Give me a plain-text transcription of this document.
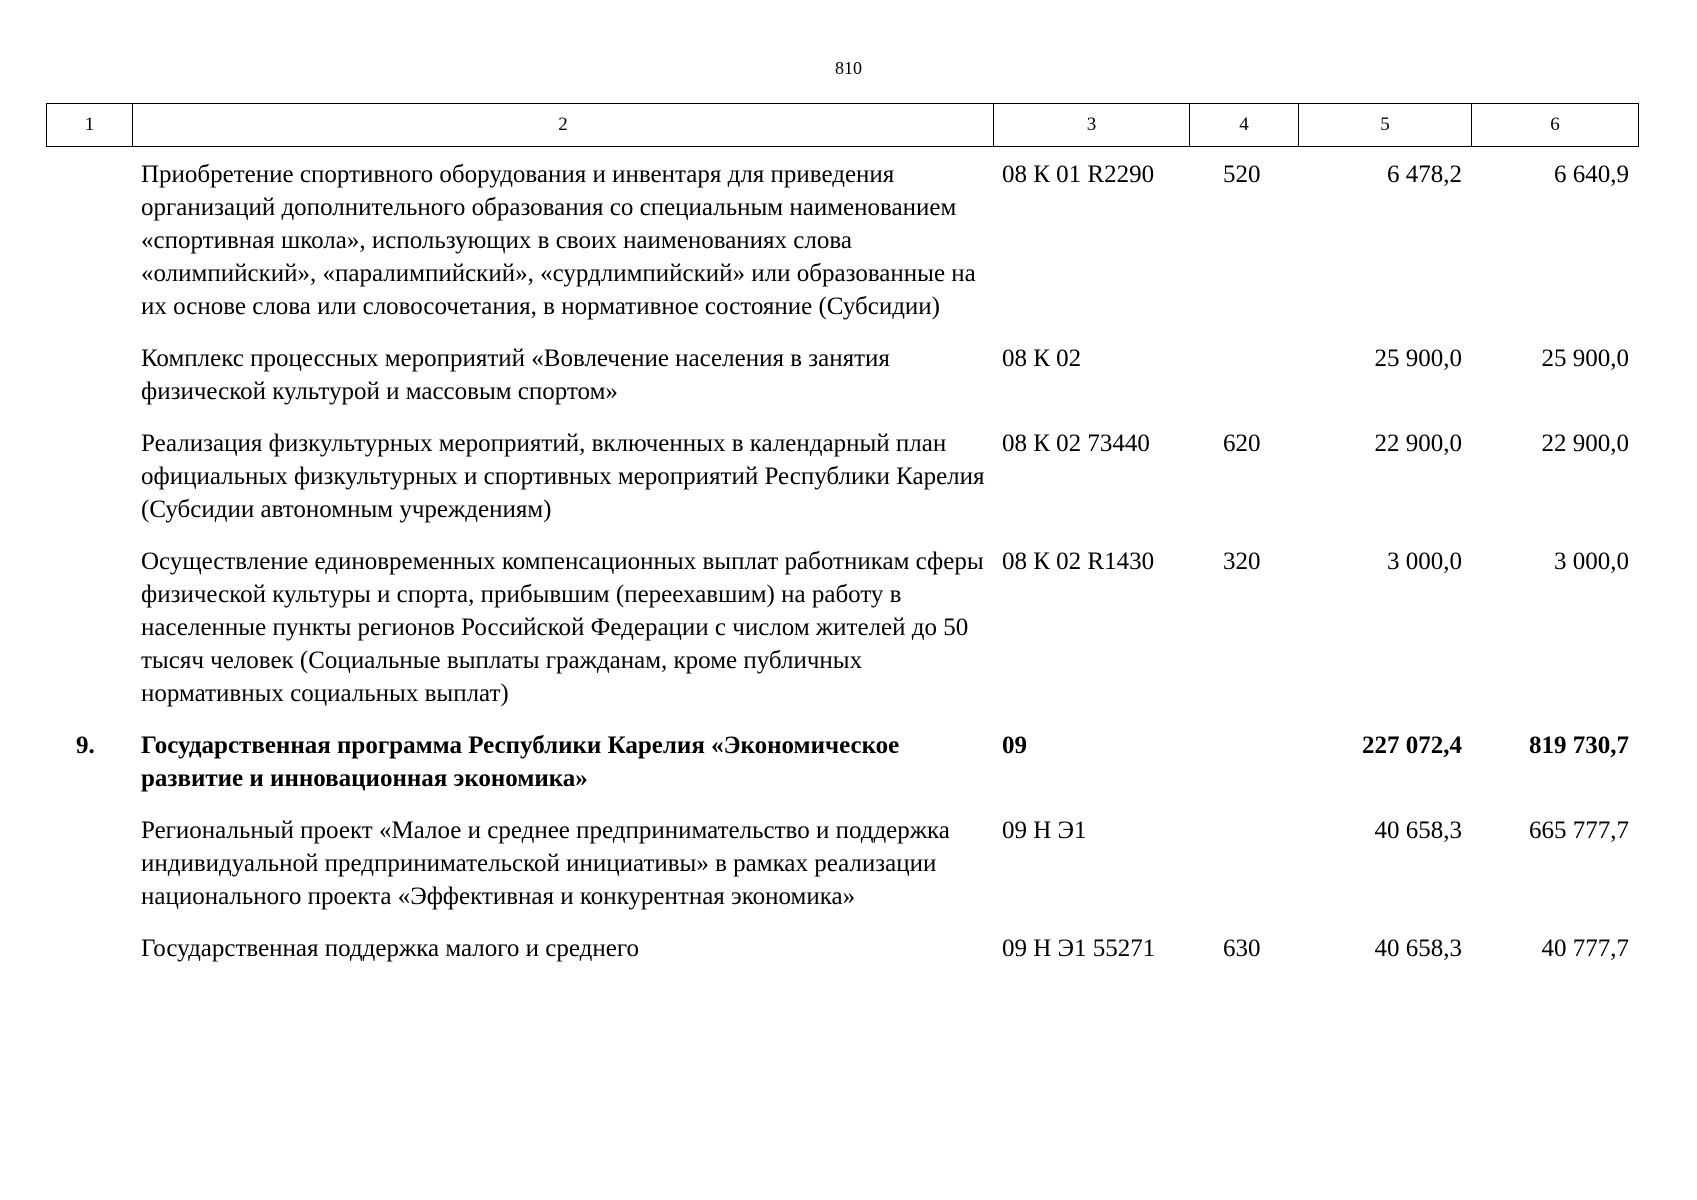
810
1	2	3	4	5	6
	Приобретение спортивного оборудования и инвентаря для приведения организаций дополнительного образования со специальным наименованием «спортивная школа», использующих в своих наименованиях слова «олимпийский», «паралимпийский», «сурдлимпийский» или образованные на их основе слова или словосочетания, в нормативное состояние (Субсидии)	08 К 01 R2290	520	6 478,2	6 640,9
	Комплекс процессных мероприятий «Вовлечение населения в занятия физической культурой и массовым спортом»	08 К 02		25 900,0	25 900,0
	Реализация физкультурных мероприятий, включенных в календарный план официальных физкультурных и спортивных мероприятий Республики Карелия (Субсидии автономным учреждениям)	08 К 02 73440	620	22 900,0	22 900,0
	Осуществление единовременных компенсационных выплат работникам сферы физической культуры и спорта, прибывшим (переехавшим) на работу в населенные пункты регионов Российской Федерации с числом жителей до 50 тысяч человек (Социальные выплаты гражданам, кроме публичных нормативных социальных выплат)	08 К 02 R1430	320	3 000,0	3 000,0
9.	Государственная программа Республики Карелия «Экономическое развитие и инновационная экономика»	09		227 072,4	819 730,7
	Региональный проект «Малое и среднее предпринимательство и поддержка индивидуальной предпринимательской инициативы» в рамках реализации национального проекта «Эффективная и конкурентная экономика»	09 Н Э1		40 658,3	665 777,7
	Государственная поддержка малого и среднего	09 Н Э1 55271	630	40 658,3	40 777,7
